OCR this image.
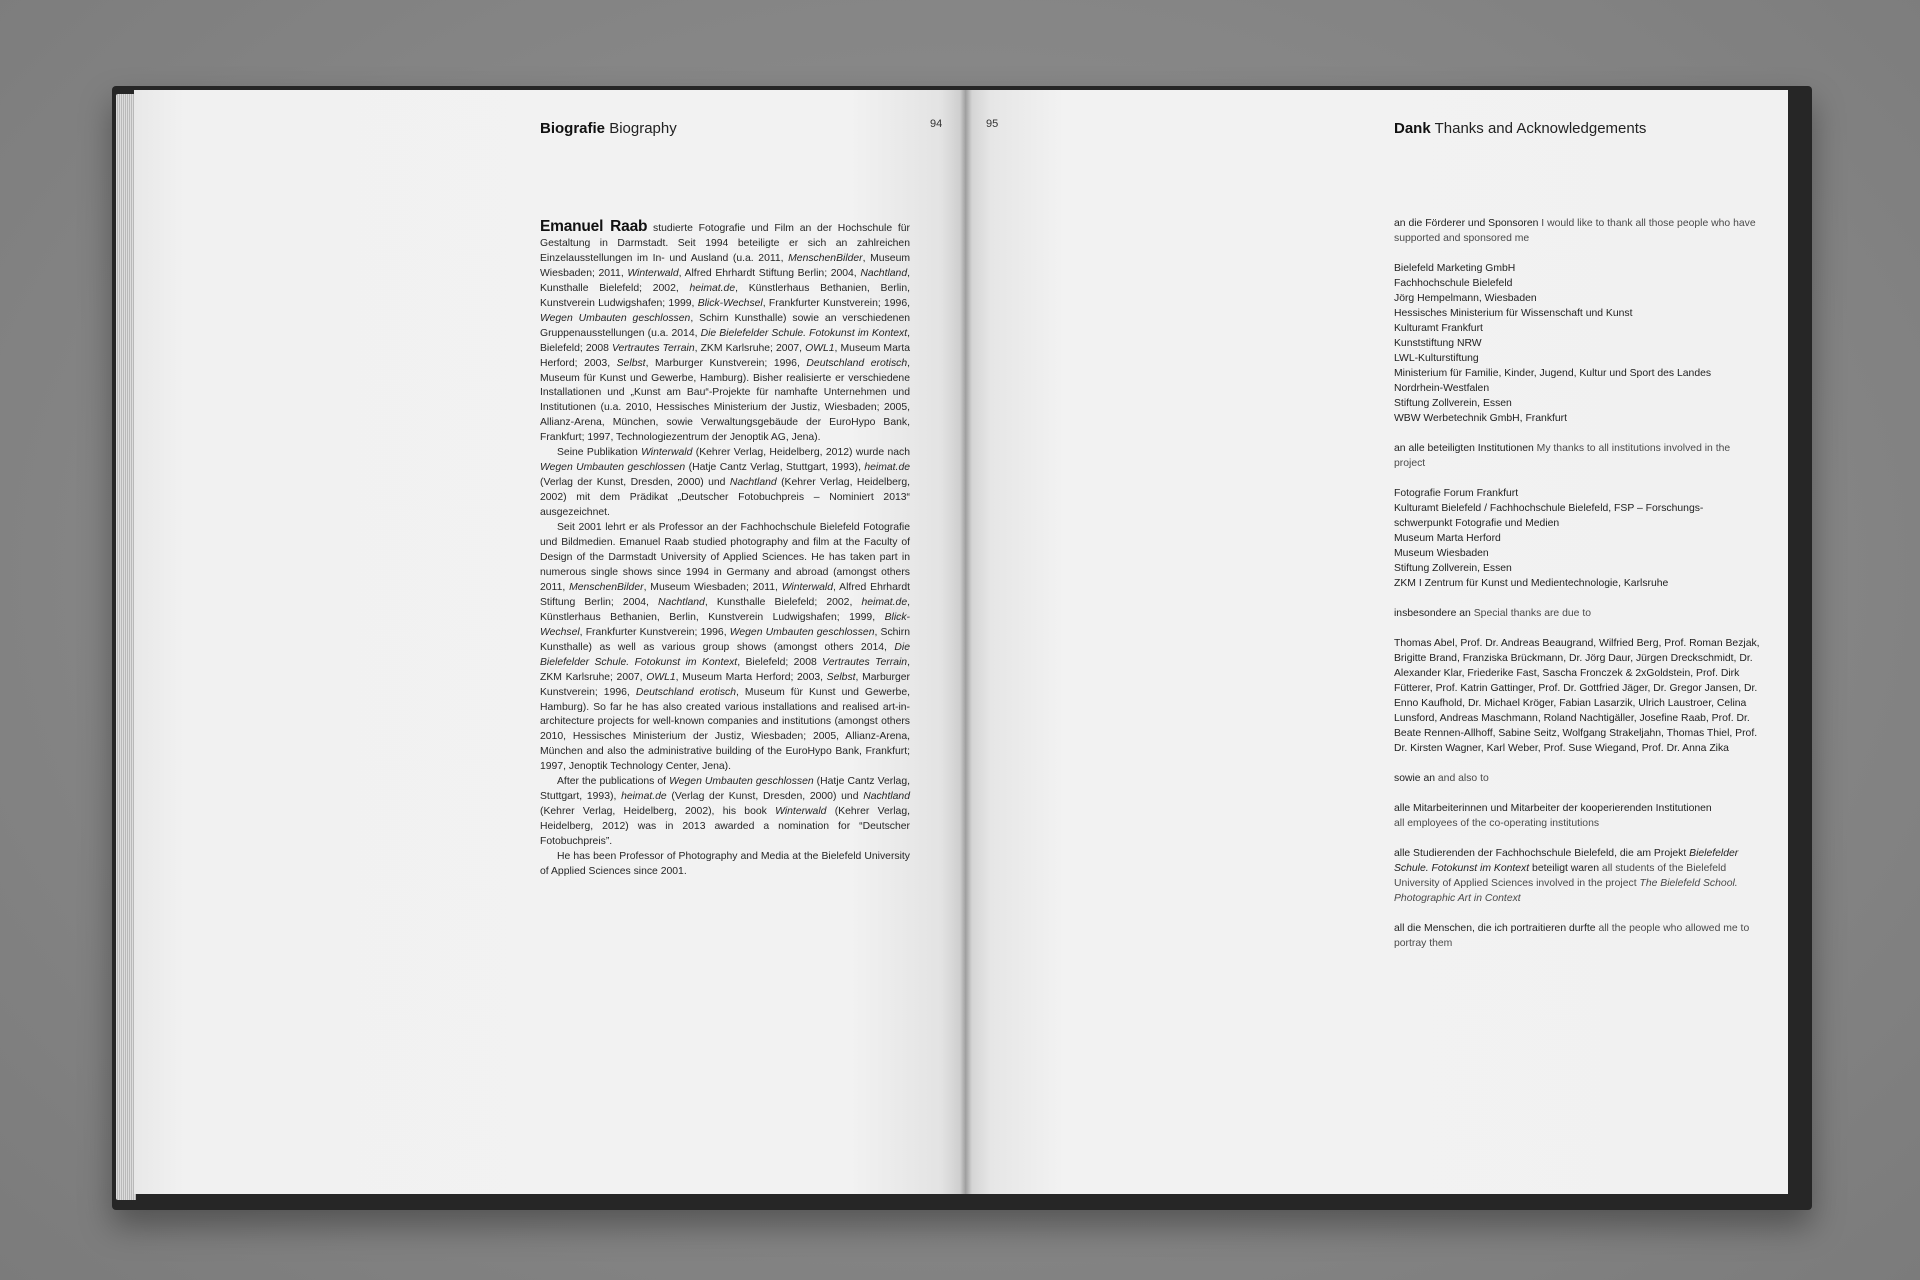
Biografie Biography	94

Emanuel Raab studierte Fotografie und Film an der Hochschule für Gestaltung in Darmstadt. Seit 1994 beteiligte er sich an zahlreichen Einzelausstellungen im In- und Ausland (u.a. 2011, MenschenBilder, Museum Wiesbaden; 2011, Winterwald, Alfred Ehrhardt Stiftung Berlin; 2004, Nachtland, Kunsthalle Bielefeld; 2002, heimat.de, Künstlerhaus Bethanien, Berlin, Kunstverein Ludwigshafen; 1999, Blick-Wechsel, Frankfurter Kunstverein; 1996, Wegen Umbauten geschlossen, Schirn Kunsthalle) sowie an verschiedenen Gruppenausstellungen (u.a. 2014, Die Bielefelder Schule. Fotokunst im Kontext, Bielefeld; 2008 Vertrautes Terrain, ZKM Karlsruhe; 2007, OWL1, Museum Marta Herford; 2003, Selbst, Marburger Kunstverein; 1996, Deutschland erotisch, Museum für Kunst und Gewerbe, Hamburg). Bisher realisierte er verschiedene Installationen und „Kunst am Bau“-Projekte für namhafte Unternehmen und Institutionen (u.a. 2010, Hessisches Ministerium der Justiz, Wiesbaden; 2005, Allianz-Arena, München, sowie Verwaltungsgebäude der EuroHypo Bank, Frankfurt; 1997, Technologiezentrum der Jenoptik AG, Jena).

Seine Publikation Winterwald (Kehrer Verlag, Heidelberg, 2012) wurde nach Wegen Umbauten geschlossen (Hatje Cantz Verlag, Stuttgart, 1993), heimat.de (Verlag der Kunst, Dresden, 2000) und Nachtland (Kehrer Verlag, Heidelberg, 2002) mit dem Prädikat „Deutscher Fotobuchpreis – Nominiert 2013“ ausgezeichnet.

Seit 2001 lehrt er als Professor an der Fachhochschule Bielefeld Fotografie und Bildmedien. Emanuel Raab studied photography and film at the Faculty of Design of the Darmstadt University of Applied Sciences. He has taken part in numerous single shows since 1994 in Germany and abroad (amongst others 2011, MenschenBilder, Museum Wiesbaden; 2011, Winterwald, Alfred Ehrhardt Stiftung Berlin; 2004, Nachtland, Kunsthalle Bielefeld; 2002, heimat.de, Künstlerhaus Bethanien, Berlin, Kunstverein Ludwigshafen; 1999, Blick-Wechsel, Frankfurter Kunstverein; 1996, Wegen Umbauten geschlossen, Schirn Kunsthalle) as well as various group shows (amongst others 2014, Die Bielefelder Schule. Fotokunst im Kontext, Bielefeld; 2008 Vertrautes Terrain, ZKM Karlsruhe; 2007, OWL1, Museum Marta Herford; 2003, Selbst, Marburger Kunstverein; 1996, Deutschland erotisch, Museum für Kunst und Gewerbe, Hamburg). So far he has also created various installations and realised art-in-architecture projects for well-known companies and institutions (amongst others 2010, Hessisches Ministerium der Justiz, Wiesbaden; 2005, Allianz-Arena, München and also the administrative building of the EuroHypo Bank, Frankfurt; 1997, Jenoptik Technology Center, Jena).

After the publications of Wegen Umbauten geschlossen (Hatje Cantz Verlag, Stuttgart, 1993), heimat.de (Verlag der Kunst, Dresden, 2000) und Nachtland (Kehrer Verlag, Heidelberg, 2002), his book Winterwald (Kehrer Verlag, Heidelberg, 2012) was in 2013 awarded a nomination for “Deutscher Fotobuchpreis”.

He has been Professor of Photography and Media at the Bielefeld University of Applied Sciences since 2001.

95	Dank Thanks and Acknowledgements

an die Förderer und Sponsoren I would like to thank all those people who have supported and sponsored me

Bielefeld Marketing GmbH
Fachhochschule Bielefeld
Jörg Hempelmann, Wiesbaden
Hessisches Ministerium für Wissenschaft und Kunst
Kulturamt Frankfurt
Kunststiftung NRW
LWL-Kulturstiftung
Ministerium für Familie, Kinder, Jugend, Kultur und Sport des Landes
Nordrhein-Westfalen
Stiftung Zollverein, Essen
WBW Werbetechnik GmbH, Frankfurt

an alle beteiligten Institutionen My thanks to all institutions involved in the project

Fotografie Forum Frankfurt
Kulturamt Bielefeld / Fachhochschule Bielefeld, FSP – Forschungs-
schwerpunkt Fotografie und Medien
Museum Marta Herford
Museum Wiesbaden
Stiftung Zollverein, Essen
ZKM I Zentrum für Kunst und Medientechnologie, Karlsruhe

insbesondere an Special thanks are due to

Thomas Abel, Prof. Dr. Andreas Beaugrand, Wilfried Berg, Prof. Roman Bezjak, Brigitte Brand, Franziska Brückmann, Dr. Jörg Daur, Jürgen Dreckschmidt, Dr. Alexander Klar, Friederike Fast, Sascha Fronczek & 2xGoldstein, Prof. Dirk Fütterer, Prof. Katrin Gattinger, Prof. Dr. Gottfried Jäger, Dr. Gregor Jansen, Dr. Enno Kaufhold, Dr. Michael Kröger, Fabian Lasarzik, Ulrich Laustroer, Celina Lunsford, Andreas Maschmann, Roland Nachtigäller, Josefine Raab, Prof. Dr. Beate Rennen-Allhoff, Sabine Seitz, Wolfgang Strakeljahn, Thomas Thiel, Prof. Dr. Kirsten Wagner, Karl Weber, Prof. Suse Wiegand, Prof. Dr. Anna Zika

sowie an and also to

alle Mitarbeiterinnen und Mitarbeiter der kooperierenden Institutionen
all employees of the co-operating institutions

alle Studierenden der Fachhochschule Bielefeld, die am Projekt Bielefelder Schule. Fotokunst im Kontext beteiligt waren all students of the Bielefeld University of Applied Sciences involved in the project The Bielefeld School. Photographic Art in Context

all die Menschen, die ich portraitieren durfte all the people who allowed me to portray them
